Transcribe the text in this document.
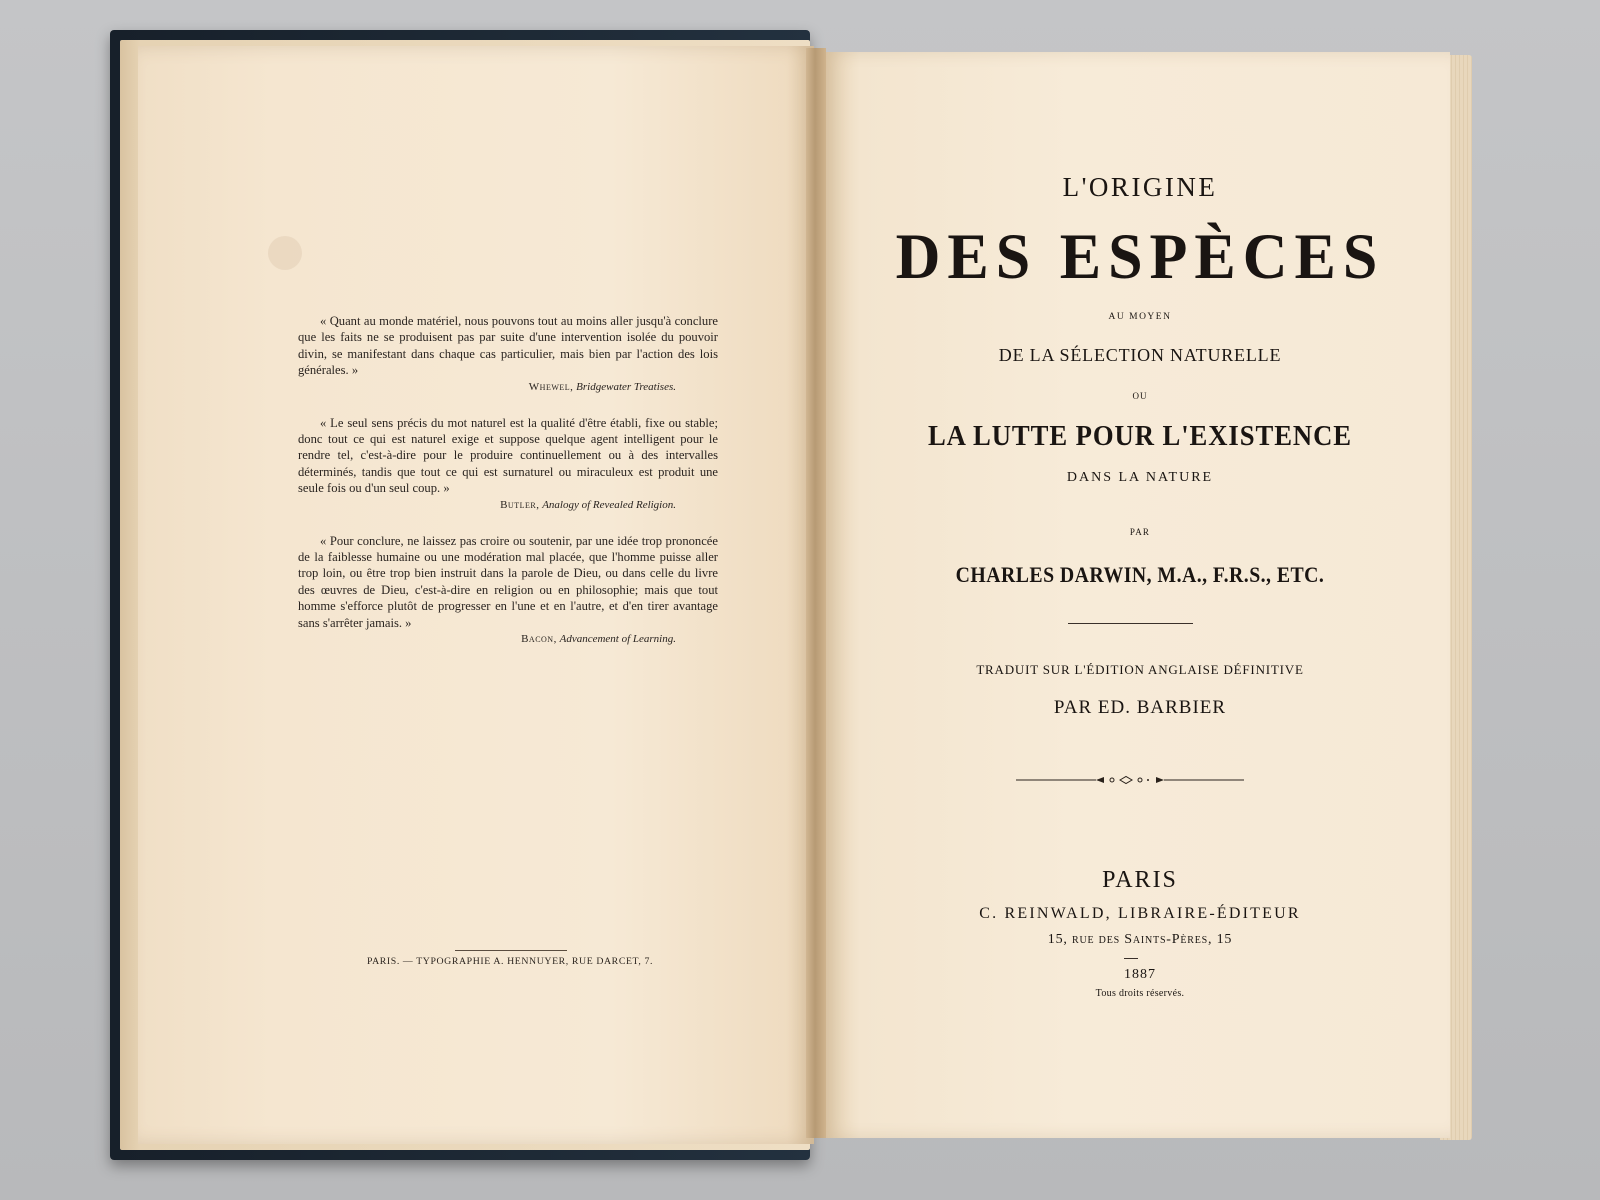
« Quant au monde matériel, nous pouvons tout au moins aller jusqu'à conclure que les faits ne se produisent pas par suite d'une intervention isolée du pouvoir divin, se manifestant dans chaque cas particulier, mais bien par l'action des lois générales. »

Whewel, Bridgewater Treatises.

« Le seul sens précis du mot naturel est la qualité d'être établi, fixe ou stable; donc tout ce qui est naturel exige et suppose quelque agent intelligent pour le rendre tel, c'est-à-dire pour le produire continuellement ou à des intervalles déterminés, tandis que tout ce qui est surnaturel ou miraculeux est produit une seule fois ou d'un seul coup. »

Butler, Analogy of Revealed Religion.

« Pour conclure, ne laissez pas croire ou soutenir, par une idée trop prononcée de la faiblesse humaine ou une modération mal placée, que l'homme puisse aller trop loin, ou être trop bien instruit dans la parole de Dieu, ou dans celle du livre des œuvres de Dieu, c'est-à-dire en religion ou en philosophie; mais que tout homme s'efforce plutôt de progresser en l'une et en l'autre, et d'en tirer avantage sans s'arrêter jamais. »

Bacon, Advancement of Learning.

PARIS. — TYPOGRAPHIE A. HENNUYER, RUE DARCET, 7.

L'ORIGINE

DES ESPÈCES

AU MOYEN

DE LA SÉLECTION NATURELLE

OU

LA LUTTE POUR L'EXISTENCE

DANS LA NATURE

PAR

CHARLES DARWIN, M.A., F.R.S., ETC.

TRADUIT SUR L'ÉDITION ANGLAISE DÉFINITIVE

PAR ED. BARBIER

PARIS

C. REINWALD, LIBRAIRE-ÉDITEUR

15, rue des Saints-Pères, 15

1887

Tous droits réservés.
